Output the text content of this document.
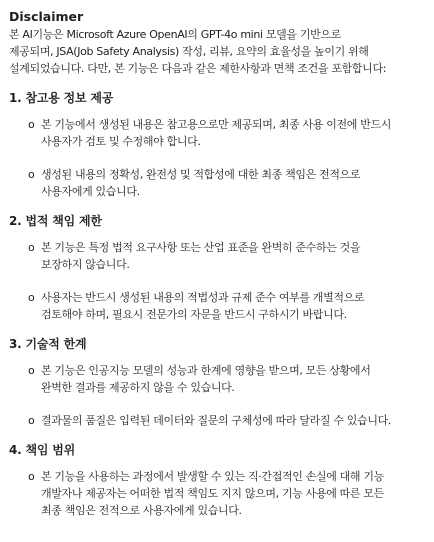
Disclaimer

본 AI기능은 Microsoft Azure OpenAI의 GPT-4o mini 모델을 기반으로
제공되며, JSA(Job Safety Analysis) 작성, 리뷰, 요약의 효율성을 높이기 위해
설계되었습니다. 다만, 본 기능은 다음과 같은 제한사항과 면책 조건을 포함합니다:

1. 참고용 정보 제공
o 본 기능에서 생성된 내용은 참고용으로만 제공되며, 최종 사용 이전에 반드시
사용자가 검토 및 수정해야 합니다.
o 생성된 내용의 정확성, 완전성 및 적합성에 대한 최종 책임은 전적으로
사용자에게 있습니다.
2. 법적 책임 제한
o 본 기능은 특정 법적 요구사항 또는 산업 표준을 완벽히 준수하는 것을
보장하지 않습니다.
o 사용자는 반드시 생성된 내용의 적법성과 규제 준수 여부를 개별적으로
검토해야 하며, 필요시 전문가의 자문을 반드시 구하시기 바랍니다.
3. 기술적 한계
o 본 기능은 인공지능 모델의 성능과 한계에 영향을 받으며, 모든 상황에서
완벽한 결과를 제공하지 않을 수 있습니다.
o 결과물의 품질은 입력된 데이터와 질문의 구체성에 따라 달라질 수 있습니다.
4. 책임 범위
o 본 기능을 사용하는 과정에서 발생할 수 있는 직·간접적인 손실에 대해 기능
개발자나 제공자는 어떠한 법적 책임도 지지 않으며, 기능 사용에 따른 모든
최종 책임은 전적으로 사용자에게 있습니다.
